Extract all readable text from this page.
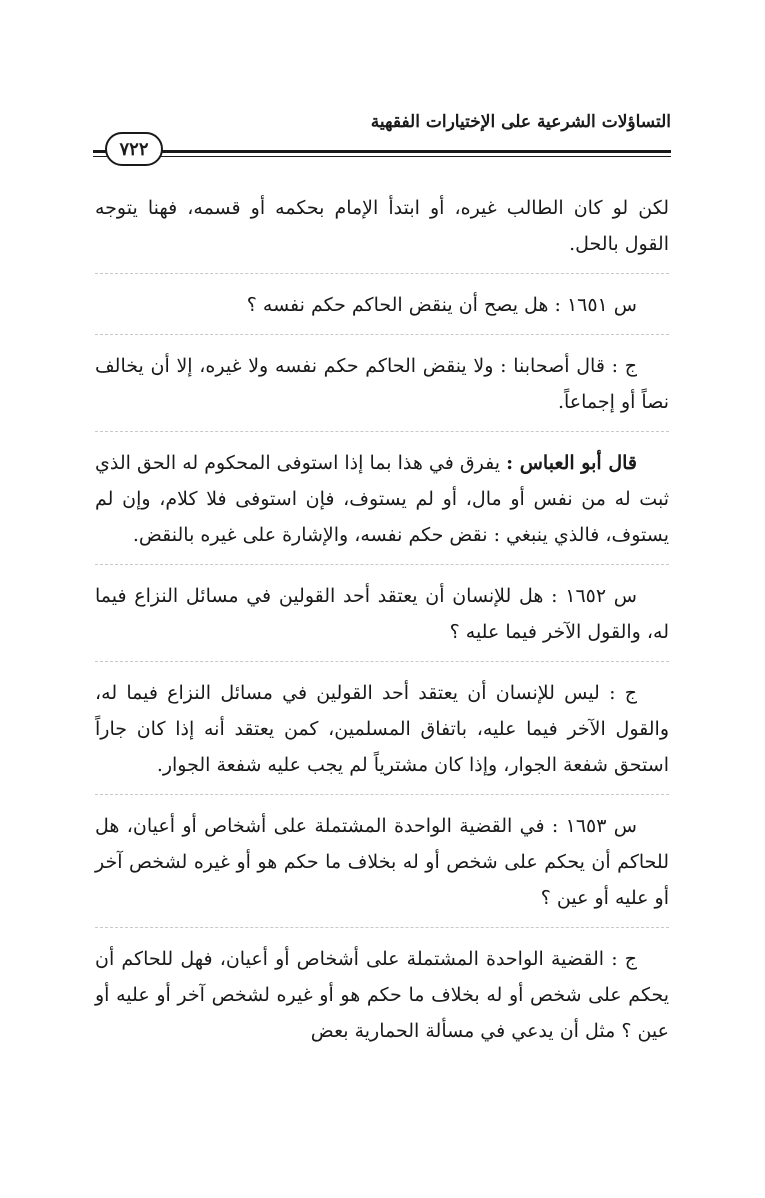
التساؤلات الشرعية على الإختيارات الفقهية
٧٢٢

لكن لو كان الطالب غيره، أو ابتدأ الإمام بحكمه أو قسمه، فهنا يتوجه القول بالحل.

س ١٦٥١ : هل يصح أن ينقض الحاكم حكم نفسه ؟

ج : قال أصحابنا : ولا ينقض الحاكم حكم نفسه ولا غيره، إلا أن يخالف نصاً أو إجماعاً.

قال أبو العباس : يفرق في هذا بما إذا استوفى المحكوم له الحق الذي ثبت له من نفس أو مال، أو لم يستوف، فإن استوفى فلا كلام، وإن لم يستوف، فالذي ينبغي : نقض حكم نفسه، والإشارة على غيره بالنقض.

س ١٦٥٢ : هل للإنسان أن يعتقد أحد القولين في مسائل النزاع فيما له، والقول الآخر فيما عليه ؟

ج : ليس للإنسان أن يعتقد أحد القولين في مسائل النزاع فيما له، والقول الآخر فيما عليه، باتفاق المسلمين، كمن يعتقد أنه إذا كان جاراً استحق شفعة الجوار، وإذا كان مشترياً لم يجب عليه شفعة الجوار.

س ١٦٥٣ : في القضية الواحدة المشتملة على أشخاص أو أعيان، هل للحاكم أن يحكم على شخص أو له بخلاف ما حكم هو أو غيره لشخص آخر أو عليه أو عين ؟

ج : القضية الواحدة المشتملة على أشخاص أو أعيان، فهل للحاكم أن يحكم على شخص أو له بخلاف ما حكم هو أو غيره لشخص آخر أو عليه أو عين ؟ مثل أن يدعي في مسألة الحمارية بعض
